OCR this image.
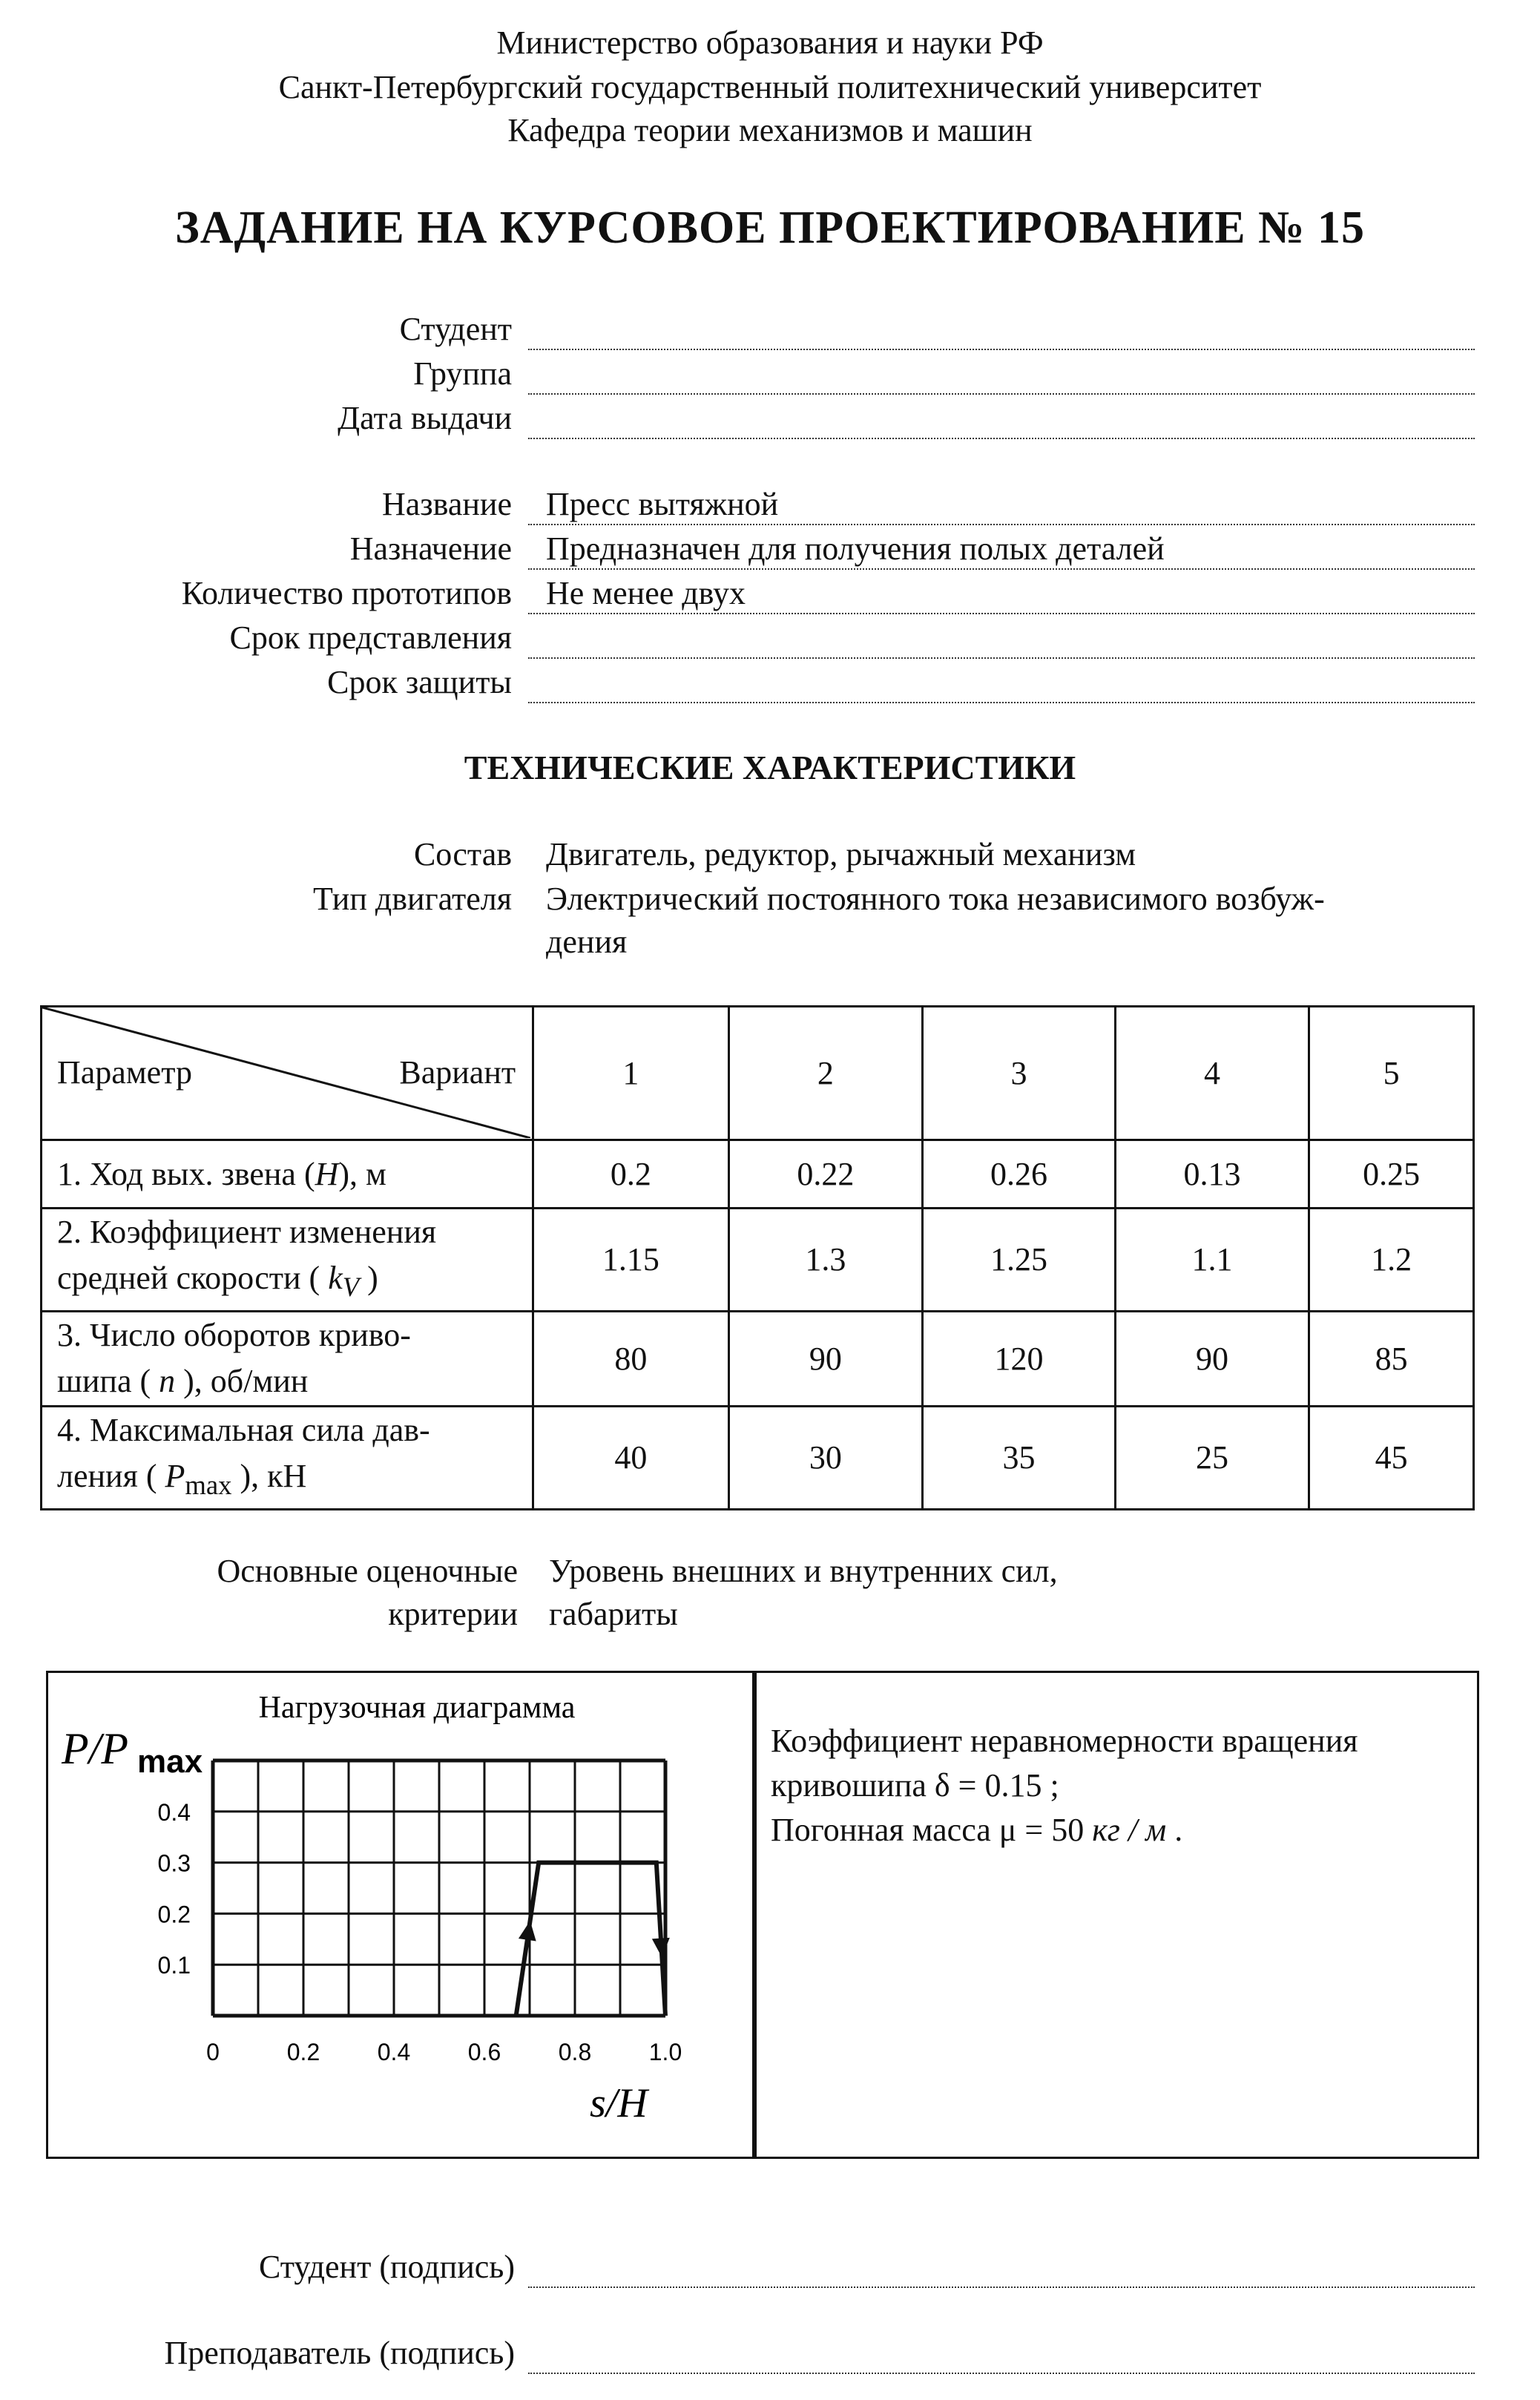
Министерство образования и науки РФ
Санкт-Петербургский государственный политехнический университет
Кафедра теории механизмов и машин
ЗАДАНИЕ НА КУРСОВОЕ ПРОЕКТИРОВАНИЕ № 15
Студент
Группа
Дата выдачи
Название Пресс вытяжной
Назначение Предназначен для получения полых деталей
Количество прототипов Не менее двух
Срок представления
Срок защиты
ТЕХНИЧЕСКИЕ ХАРАКТЕРИСТИКИ
Состав Двигатель, редуктор, рычажный механизм
Тип двигателя Электрический постоянного тока независимого возбуж-
дения
Параметр Вариант	1	2	3	4	5
1. Ход вых. звена (H), м	0.2	0.22	0.26	0.13	0.25

2. Коэффициент изменения
средней скорости ( $k_V$ )	1.15	1.3	1.25	1.1	1.2

3. Число оборотов криво-
шипа ( n ), об/мин	80	90	120	90	85

4. Максимальная сила дав-
ления ( $P_{max}$ ), кН	40	30	35	25	45
Основные оценочные
критерии
Уровень внешних и внутренних сил,
габариты
Нагрузочная диаграмма
P/P max
s/H
0.1
0.2
0.3
0.4
0	0.2 0.4 0.6 0.8 1.0
Коэффициент неравномерности вращения
кривошипа δ = 0.15 ;
Погонная масса μ = 50 кг / м .
Студент (подпись)
Преподаватель (подпись)
